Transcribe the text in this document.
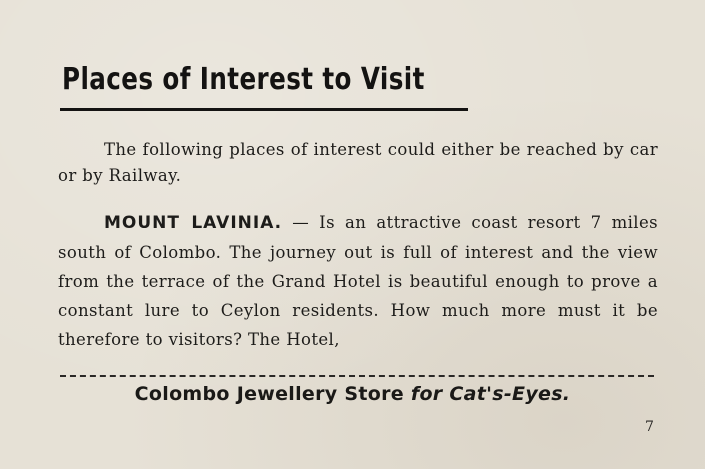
Places of Interest to Visit
The following places of interest could either be reached by car or by Railway.
MOUNT LAVINIA. — Is an attractive coast resort 7 miles south of Colombo. The journey out is full of interest and the view from the terrace of the Grand Hotel is beautiful enough to prove a constant lure to Ceylon residents. How much more must it be therefore to visitors? The Hotel,
Colombo Jewellery Store for Cat's-Eyes.
7
